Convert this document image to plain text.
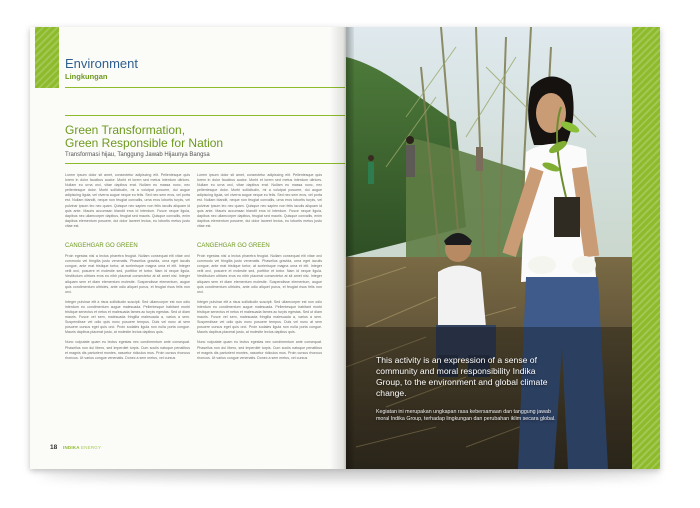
Environment
Lingkungan
Green Transformation,
Green Responsible for Nation
Transformasi hijau, Tanggung Jawab Hijaunya Bangsa

Lorem ipsum dolor sit amet, consectetur adipiscing elit. Pellentesque quis lorem in dolor faucibus auctor. Morbi et lorem sed metus interdum ultrices. Nullam eu urna orci, vitae dapibus erat. Nullam eu massa nunc, nec pellentesque dolor. Morbi sollicitudin, mi a volutpat posuere, dui augue adipiscing ligula, vel viverra augue neque eu felis. Sed nec sem eros, vel porta est. Nullam blandit, neque non feugiat convallis, urna eros lobortis turpis, vel pulvinar ipsum leo nec quam. Quisque nec sapien non felis iaculis aliquam id quis ante. Mauris accumsan blandit eros id interdum. Fusce neque ligula, dapibus nec ullamcorper dapibus, feugiat sed mauris. Quisque convallis, enim dapibus elementum posuere, dui dolor laoreet lectus, eu lobortis metus justo vitae est.

CANGEHGAR GO GREEN

Proin egestas nisl a lectus pharetra feugiat. Nullam consequat elit vitae orci commodo vel fringilla justo venenatis. Phasellus gravida, urna eget iaculis congue, ante erat tristique tortor, at scelerisque magna urna et elit. Integer velit orci, posuere et molestie sed, porttitor et tortor. Nam id neque ligula. Vestibulum ultrices eros eu nibh placerat consectetur at sit amet nisi. Integer aliquam sem et diam elementum molestie. Suspendisse elementum, augue quis condimentum ultricies, ante odio aliquet purus, et feugiat risus felis non orci.

Integer pulvinar elit a risus sollicitudin suscipit. Sed ullamcorper est non odio interdum eu condimentum augue malesuada. Pellentesque habitant morbi tristique senectus et netus et malesuada fames ac turpis egestas. Sed ut diam mauris. Fusce vel sem, malesuada fringilla malesuada a, varius a sem. Suspendisse vel odio quis nunc posuere tempus. Duis vel nunc at sem posuere cursus eget quis orci. Proin sodales ligula non nulla porta congue. Mauris dapibus placerat justo, at molestie lectus dapibus quis.

Nunc vulputate quam eu lectus egestas nec condimentum ante consequat. Phasellus non dui libero, sed imperdiet turpis. Cum sociis natoque penatibus et magnis dis parturient montes, nascetur ridiculus mus. Proin cursus rhoncus rhoncus. Ut varius congue venenatis. Donec a sem metus, vel cursus

Lorem ipsum dolor sit amet, consectetur adipiscing elit. Pellentesque quis lorem in dolor faucibus auctor. Morbi et lorem sed metus interdum ultrices. Nullam eu urna orci, vitae dapibus erat. Nullam eu massa nunc, nec pellentesque dolor. Morbi sollicitudin, mi a volutpat posuere, dui augue adipiscing ligula, vel viverra augue neque eu felis. Sed nec sem eros, vel porta est. Nullam blandit, neque non feugiat convallis, urna eros lobortis turpis, vel pulvinar ipsum leo nec quam. Quisque nec sapien non felis iaculis aliquam id quis ante. Mauris accumsan blandit eros id interdum. Fusce neque ligula, dapibus nec ullamcorper dapibus, feugiat sed mauris. Quisque convallis, enim dapibus elementum posuere, dui dolor laoreet lectus, eu lobortis metus justo vitae est.

CANGEHGAR GO GREEN

Proin egestas nisl a lectus pharetra feugiat. Nullam consequat elit vitae orci commodo vel fringilla justo venenatis. Phasellus gravida, urna eget iaculis congue, ante erat tristique tortor, at scelerisque magna urna et elit. Integer velit orci, posuere et molestie sed, porttitor et tortor. Nam id neque ligula. Vestibulum ultrices eros eu nibh placerat consectetur at sit amet nisi. Integer aliquam sem et diam elementum molestie. Suspendisse elementum, augue quis condimentum ultricies, ante odio aliquet purus, et feugiat risus felis non orci.

Integer pulvinar elit a risus sollicitudin suscipit. Sed ullamcorper est non odio interdum eu condimentum augue malesuada. Pellentesque habitant morbi tristique senectus et netus et malesuada fames ac turpis egestas. Sed ut diam mauris. Fusce vel sem, malesuada fringilla malesuada a, varius a sem. Suspendisse vel odio quis nunc posuere tempus. Duis vel nunc at sem posuere cursus eget quis orci. Proin sodales ligula non nulla porta congue. Mauris dapibus placerat justo, at molestie lectus dapibus quis.

Nunc vulputate quam eu lectus egestas nec condimentum ante consequat. Phasellus non dui libero, sed imperdiet turpis. Cum sociis natoque penatibus et magnis dis parturient montes, nascetur ridiculus mus. Proin cursus rhoncus rhoncus. Ut varius congue venenatis. Donec a sem metus, vel cursus

18 INDIKA ENERGY
This activity is an expression of a sense of community and moral responsibility Indika Group, to the environment and global climate change.
Kegiatan ini merupakan ungkapan rasa kebersamaan dan tanggung jawab moral Indika Group, terhadap lingkungan dan perubahan iklim secara global.
